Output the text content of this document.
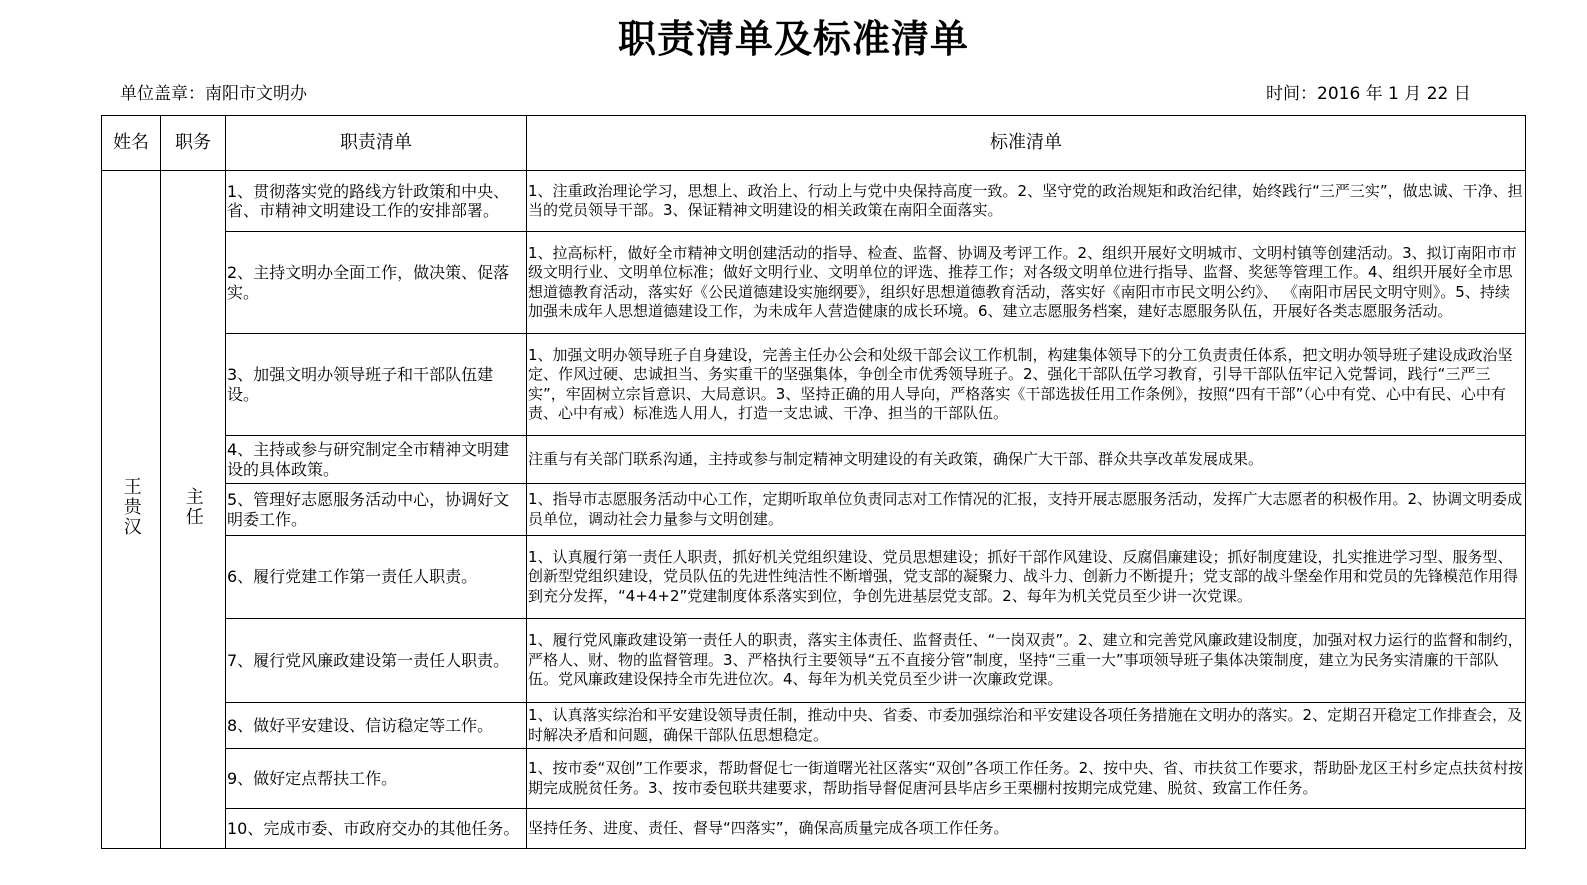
职责清单及标准清单
单位盖章：南阳市文明办	时间：2016 年 1 月 22 日
姓名	职务	职责清单	标准清单
王贵汉	主任	1、贯彻落实党的路线方针政策和中央、省、市精神文明建设工作的安排部署。	1、注重政治理论学习，思想上、政治上、行动上与党中央保持高度一致。2、坚守党的政治规矩和政治纪律，始终践行“三严三实”，做忠诚、干净、担当的党员领导干部。3、保证精神文明建设的相关政策在南阳全面落实。
		2、主持文明办全面工作，做决策、促落实。	1、拉高标杆，做好全市精神文明创建活动的指导、检查、监督、协调及考评工作。2、组织开展好文明城市、文明村镇等创建活动。3、拟订南阳市市级文明行业、文明单位标准；做好文明行业、文明单位的评选、推荐工作；对各级文明单位进行指导、监督、奖惩等管理工作。4、组织开展好全市思想道德教育活动，落实好《公民道德建设实施纲要》，组织好思想道德教育活动，落实好《南阳市市民文明公约》、 《南阳市居民文明守则》。5、持续加强未成年人思想道德建设工作，为未成年人营造健康的成长环境。6、建立志愿服务档案，建好志愿服务队伍，开展好各类志愿服务活动。
		3、加强文明办领导班子和干部队伍建设。	1、加强文明办领导班子自身建设，完善主任办公会和处级干部会议工作机制，构建集体领导下的分工负责责任体系，把文明办领导班子建设成政治坚定、作风过硬、忠诚担当、务实重干的坚强集体，争创全市优秀领导班子。2、强化干部队伍学习教育，引导干部队伍牢记入党誓词，践行“三严三实”，牢固树立宗旨意识、大局意识。3、坚持正确的用人导向，严格落实《干部选拔任用工作条例》，按照“四有干部”（心中有党、心中有民、心中有责、心中有戒）标准选人用人，打造一支忠诚、干净、担当的干部队伍。
		4、主持或参与研究制定全市精神文明建设的具体政策。	注重与有关部门联系沟通，主持或参与制定精神文明建设的有关政策，确保广大干部、群众共享改革发展成果。
		5、管理好志愿服务活动中心，协调好文明委工作。	1、指导市志愿服务活动中心工作，定期听取单位负责同志对工作情况的汇报，支持开展志愿服务活动，发挥广大志愿者的积极作用。2、协调文明委成员单位，调动社会力量参与文明创建。
		6、履行党建工作第一责任人职责。	1、认真履行第一责任人职责，抓好机关党组织建设、党员思想建设；抓好干部作风建设、反腐倡廉建设；抓好制度建设，扎实推进学习型、服务型、创新型党组织建设，党员队伍的先进性纯洁性不断增强，党支部的凝聚力、战斗力、创新力不断提升；党支部的战斗堡垒作用和党员的先锋模范作用得到充分发挥，“4+4+2”党建制度体系落实到位，争创先进基层党支部。2、每年为机关党员至少讲一次党课。
		7、履行党风廉政建设第一责任人职责。	1、履行党风廉政建设第一责任人的职责，落实主体责任、监督责任、“一岗双责”。2、建立和完善党风廉政建设制度，加强对权力运行的监督和制约，严格人、财、物的监督管理。3、严格执行主要领导“五不直接分管”制度，坚持“三重一大”事项领导班子集体决策制度，建立为民务实清廉的干部队伍。党风廉政建设保持全市先进位次。4、每年为机关党员至少讲一次廉政党课。
		8、做好平安建设、信访稳定等工作。	1、认真落实综治和平安建设领导责任制，推动中央、省委、市委加强综治和平安建设各项任务措施在文明办的落实。2、定期召开稳定工作排查会，及时解决矛盾和问题，确保干部队伍思想稳定。
		9、做好定点帮扶工作。	1、按市委“双创”工作要求，帮助督促七一街道曙光社区落实“双创”各项工作任务。2、按中央、省、市扶贫工作要求，帮助卧龙区王村乡定点扶贫村按期完成脱贫任务。3、按市委包联共建要求，帮助指导督促唐河县毕店乡王栗棚村按期完成党建、脱贫、致富工作任务。
		10、完成市委、市政府交办的其他任务。	坚持任务、进度、责任、督导“四落实”，确保高质量完成各项工作任务。
